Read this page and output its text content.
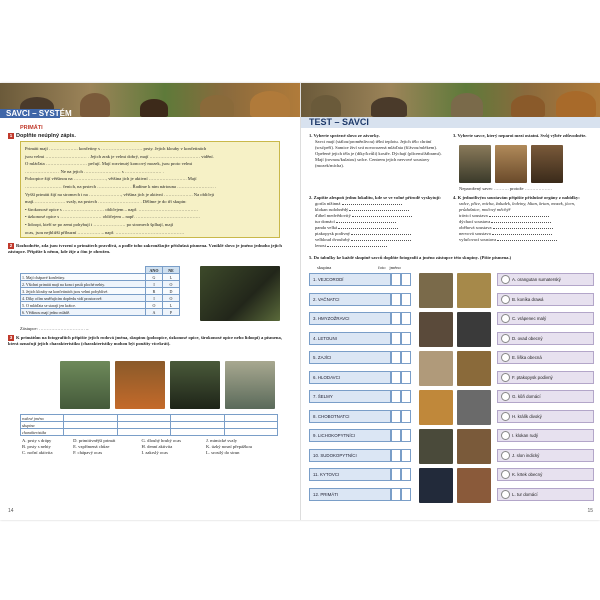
SAVCI – SYSTÉM
PRIMÁTI
1 Doplňte neúplný zápis.
Primáti mají ………………. končetiny s ……………………… prsty. Jejich klouby v končetinách
jsou velmi ……………………… . Jejich zrak je velmi dobrý, mají …………………………… vidění.
O mláďata ……………………… pečují. Mají rozvinutý koncový mozek, jsou proto velmi
………………… . Ne na jejich …………………… s …………………… .
Poloopice žijí většinou na …………………, většina jich je aktivní ……………………. Mají
…………………… čenich, na prstech ………………… . Řadíme k nim nártouna …………………… .
Vyšší primáti žijí na stromech i na …………………, většina jich je aktivní ………………. Na obličeji
mají………………… svaly, na prstech ……………………… . Dělíme je do tří skupin:
• širokonosé opice s ……………………… obličejem – např. …………………………………
• úzkonosé opice s ……………………… obličejem – např. ……………………………………
• lidoopi, kteří se po zemi pohybují i ………………… po stromech šplhají, mají
ocas, jsou nejbližší příbuzní …………… – např. ………………………………………
2 Rozhodněte, zda jsou tvrzení o primátech pravdivá, a podle toho zakroužkujte příslušná písmena. Vzniklé slovo je jméno jednoho jejich zástupce. Připište k němu, kde žije a čím je ohrožen.
	ANO	NE
1. Mají chápavé končetiny.	G	L
2. Všichni primáti mají na konci prstů ploché nehty.	I	O
3. Jejich klouby na končetinách jsou velmi pohyblivé.	R	D
4. Díky očím směřujícím dopředu vidí prostorově.	I	O
5. O mláďata se starají jen krátce.	O	L
6. Většinou mají jedno mládě.	A	P
Zástupce: ………………………… –
3 K primátům na fotografiích připište jejich rodová jména, skupinu (poloopice, úzkonosé opice, širokonosé opice nebo lidoopi) a písmena, která označují jejich charakteristiku (charakteristiky mohou být použity vícekrát).
rodové jméno				
skupina				
charakteristika				
A. prsty s drápy	D. primitivnější primát	G. dlouhý hrubý ocas	J. mimické svaly
B. prsty s nehty	E. vzpřímená chůze	H. denní aktivita	K. úzký nosní přepážkou
C. noční aktivita	F. chápavý ocas	I. zakrslý ocas	L. srostlý do strun
14
TEST – SAVCI
1. Vyberte správné slovo ze závorky.
Savci mají (stálou/proměnlivou) tělní teplotu. Jejich tělo chrání (srst/peří). Samice živí svá novorozená mláďata (šťávou/mlékem). Opeřené jejich těla je (díky/kvůli) kostře. Dýchají (plícemi/žábrami). Mají (rovnou/kulatou) srdce. Centrem jejich nervové soustavy (mozek/mícha).
2. Zapište alespoň jednu lokalitu, kde se ve volné přírodě vyskytují:
gorila nížinná
klokan rudohnědý
ďábel medvědovitý
tur domácí
panda velká
ptakopysk podivný
velbloud dvouhrbý
lenost
3. Vyberte savce, který neparoi mezi ostatní. Svůj výběr zdůvodněte.
Neparožený savec ………. protože ………………
4. K jednotlivým soustavám připište příslušné orgány z nabídky:
srdce, plíce, mícha, žaludek, ledviny, hltan, krtan, mozek, jícen, průdušnice, močový měchýř
trávicí soustava
dýchací soustava
oběhová soustava
nervová soustava
vylučovací soustava
5. Do tabulky ke každé skupině savců doplňte fotografii a jméno zástupce této skupiny. (Pište písmena.)
skupina	foto jméno
1. VEJCORODÍ
2. VAČNATCI
3. HMYZOŽRAVCI
4. LETOUNI
5. ZAJÍCI
6. HLODAVCI
7. ŠELMY
8. CHOBOTNATCI
9. LICHOKOPYTNÍCI
10. SUDOKOPYTNÍCI
11. KYTOVCI
12. PRIMÁTI
A. orangutan sumaterský
B. koníka drawá
C. vrápenec malý
D. ovad obecný
E. liška obecná
F. ptakopysk podivný
G. kůň domácí
H. králík divoký
I. klokan rudý
J. slon indický
K. krtek obecný
L. tur domácí
15
